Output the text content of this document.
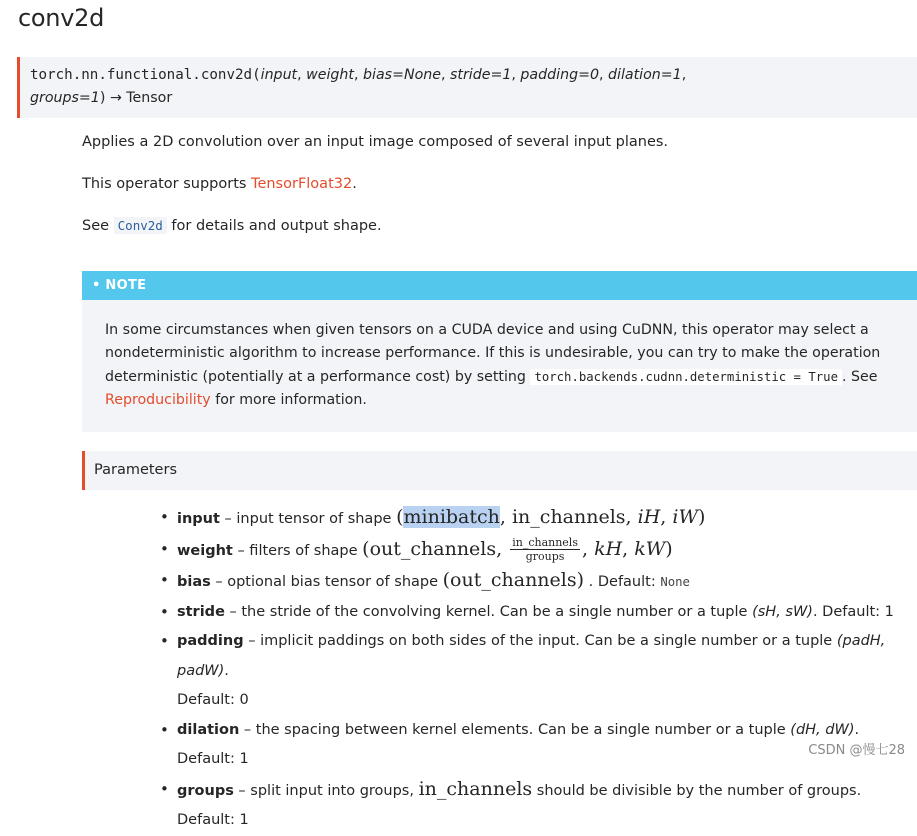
conv2d
torch.nn.functional.conv2d(input, weight, bias=None, stride=1, padding=0, dilation=1,
groups=1) → Tensor
Applies a 2D convolution over an input image composed of several input planes.
This operator supports TensorFloat32.
See Conv2d for details and output shape.
• NOTE
In some circumstances when given tensors on a CUDA device and using CuDNN, this operator may select a nondeterministic algorithm to increase performance. If this is undesirable, you can try to make the operation deterministic (potentially at a performance cost) by setting torch.backends.cudnn.deterministic = True . See
Reproducibility for more information.
Parameters
• input – input tensor of shape (minibatch, in_channels, iH, iW)
• weight – filters of shape (out_channels, $\frac{\text{in\_channels}}{\text{groups}}$ , kH, kW)
• bias – optional bias tensor of shape (out_channels) . Default: None
• stride – the stride of the convolving kernel. Can be a single number or a tuple (sH, sW). Default: 1
• padding – implicit paddings on both sides of the input. Can be a single number or a tuple (padH, padW).
Default: 0
• dilation – the spacing between kernel elements. Can be a single number or a tuple (dH, dW). Default: 1
• groups – split input into groups, in_channels should be divisible by the number of groups. Default: 1
CSDN @慢七28
